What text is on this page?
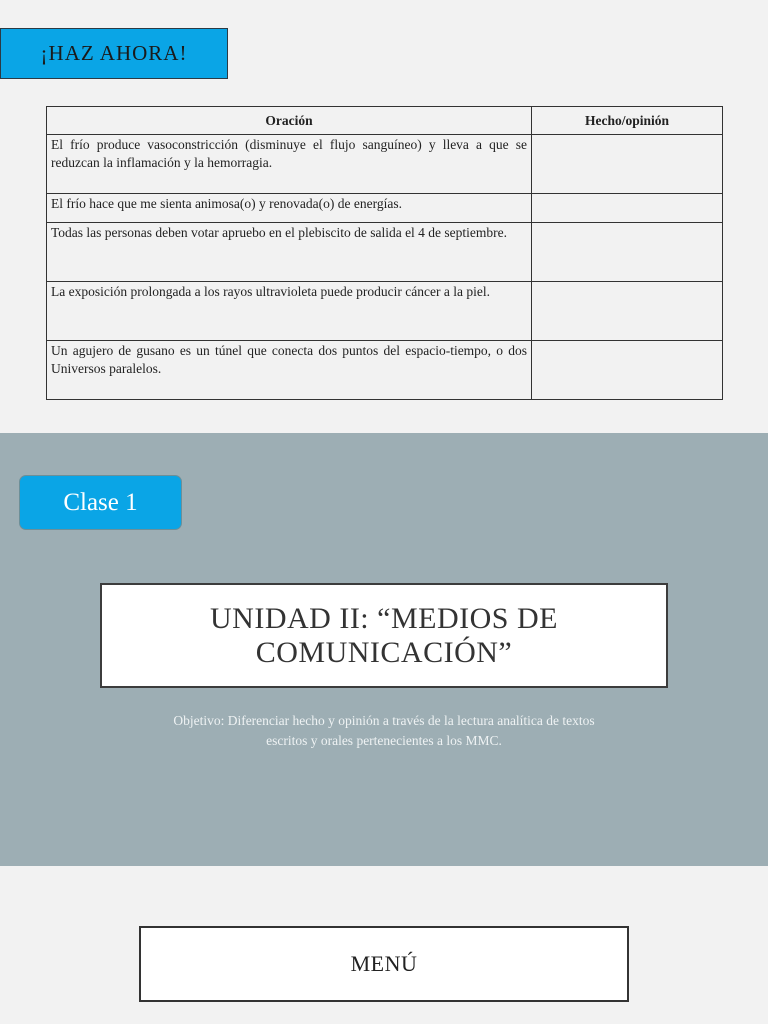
¡HAZ AHORA!
Oración	Hecho/opinión
El frío produce vasoconstricción (disminuye el flujo sanguíneo) y lleva a que se reduzcan la inflamación y la hemorragia.	
El frío hace que me sienta animosa(o) y renovada(o) de energías.	
Todas las personas deben votar apruebo en el plebiscito de salida el 4 de septiembre.	
La exposición prolongada a los rayos ultravioleta puede producir cáncer a la piel.	
Un agujero de gusano es un túnel que conecta dos puntos del espacio-tiempo, o dos Universos paralelos.	
Clase 1
UNIDAD II: “MEDIOS DE COMUNICACIÓN”
Objetivo: Diferenciar hecho y opinión a través de la lectura analítica de textos escritos y orales pertenecientes a los MMC.
MENÚ
